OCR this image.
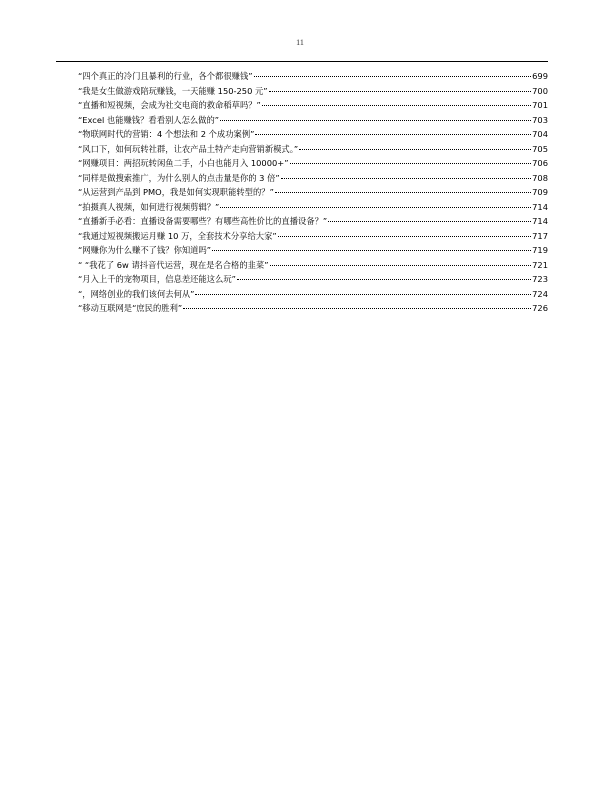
11
“四个真正的冷门且暴利的行业，各个都很赚钱”	699
“我是女生做游戏陪玩赚钱，一天能赚 150-250 元”	700
“直播和短视频，会成为社交电商的救命稻草吗？”	701
“Excel 也能赚钱？看看别人怎么做的”	703
“物联网时代的营销：4 个想法和 2 个成功案例”	704
“风口下，如何玩转社群，让农产品土特产走向营销新模式。”	705
“网赚项目：两招玩转闲鱼二手，小白也能月入 10000+”	706
“同样是做搜索推广，为什么别人的点击量是你的 3 倍”	708
“从运营到产品到 PMO，我是如何实现职能转型的？”	709
“拍摄真人视频，如何进行视频剪辑？”	714
“直播新手必看：直播设备需要哪些？有哪些高性价比的直播设备？”	714
“我通过短视频搬运月赚 10 万，全套技术分享给大家”	717
“网赚你为什么赚不了钱？你知道吗”	719
“ “我花了 6w 请抖音代运营，现在是名合格的韭菜”	721
“月入上千的宠物项目，信息差还能这么玩”	723
“，网络创业的我们该何去何从”	724
“移动互联网是“庶民的胜利”	726
